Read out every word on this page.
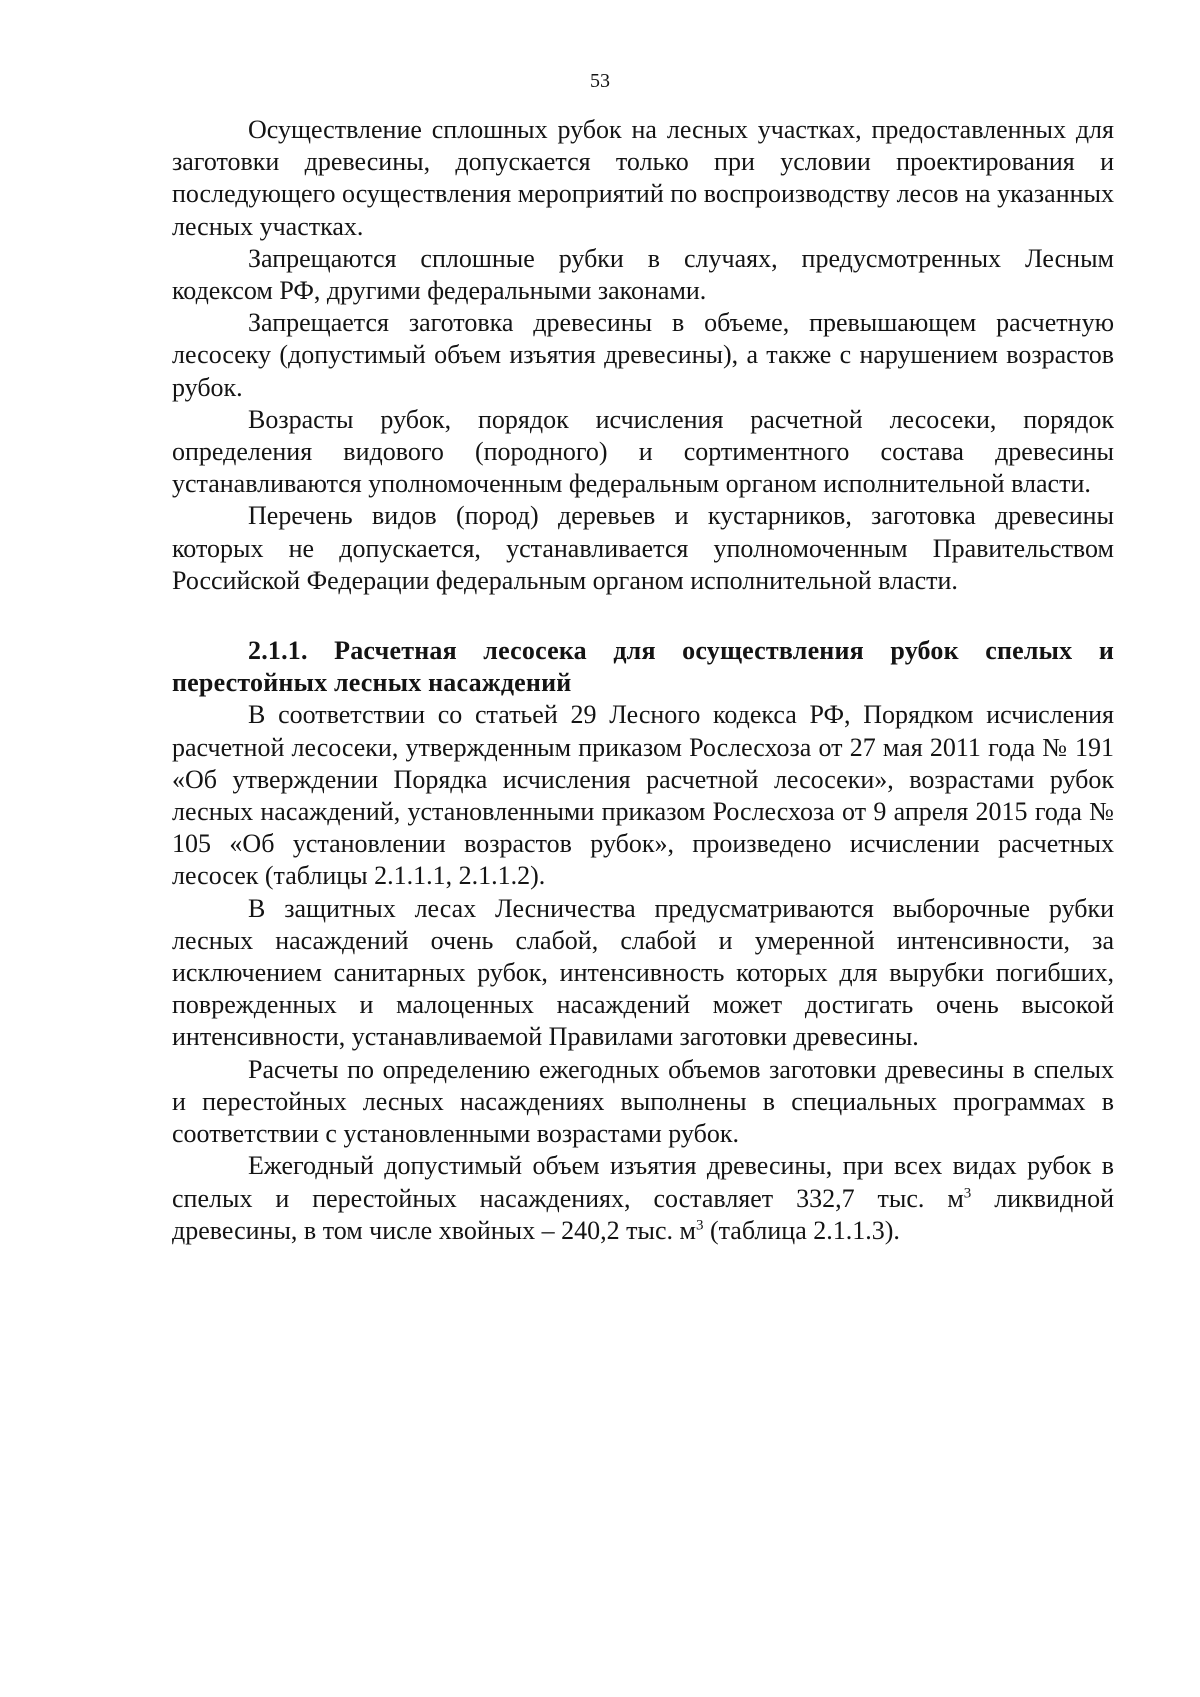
53

Осуществление сплошных рубок на лесных участках, предоставленных для заготовки древесины, допускается только при условии проектирования и последующего осуществления мероприятий по воспроизводству лесов на указанных лесных участках.

Запрещаются сплошные рубки в случаях, предусмотренных Лесным кодексом РФ, другими федеральными законами.

Запрещается заготовка древесины в объеме, превышающем расчетную лесосеку (допустимый объем изъятия древесины), а также с нарушением возрастов рубок.

Возрасты рубок, порядок исчисления расчетной лесосеки, порядок определения видового (породного) и сортиментного состава древесины устанавливаются уполномоченным федеральным органом исполнительной власти.

Перечень видов (пород) деревьев и кустарников, заготовка древесины которых не допускается, устанавливается уполномоченным Правительством Российской Федерации федеральным органом исполнительной власти.

2.1.1. Расчетная лесосека для осуществления рубок спелых и перестойных лесных насаждений

В соответствии со статьей 29 Лесного кодекса РФ, Порядком исчисления расчетной лесосеки, утвержденным приказом Рослесхоза от 27 мая 2011 года № 191 «Об утверждении Порядка исчисления расчетной лесосеки», возрастами рубок лесных насаждений, установленными приказом Рослесхоза от 9 апреля 2015 года № 105 «Об установлении возрастов рубок», произведено исчислении расчетных лесосек (таблицы 2.1.1.1, 2.1.1.2).

В защитных лесах Лесничества предусматриваются выборочные рубки лесных насаждений очень слабой, слабой и умеренной интенсивности, за исключением санитарных рубок, интенсивность которых для вырубки погибших, поврежденных и малоценных насаждений может достигать очень высокой интенсивности, устанавливаемой Правилами заготовки древесины.

Расчеты по определению ежегодных объемов заготовки древесины в спелых и перестойных лесных насаждениях выполнены в специальных программах в соответствии с установленными возрастами рубок.

Ежегодный допустимый объем изъятия древесины, при всех видах рубок в спелых и перестойных насаждениях, составляет 332,7 тыс. $м^3$ ликвидной древесины, в том числе хвойных – 240,2 тыс. $м^3$ (таблица 2.1.1.3).
